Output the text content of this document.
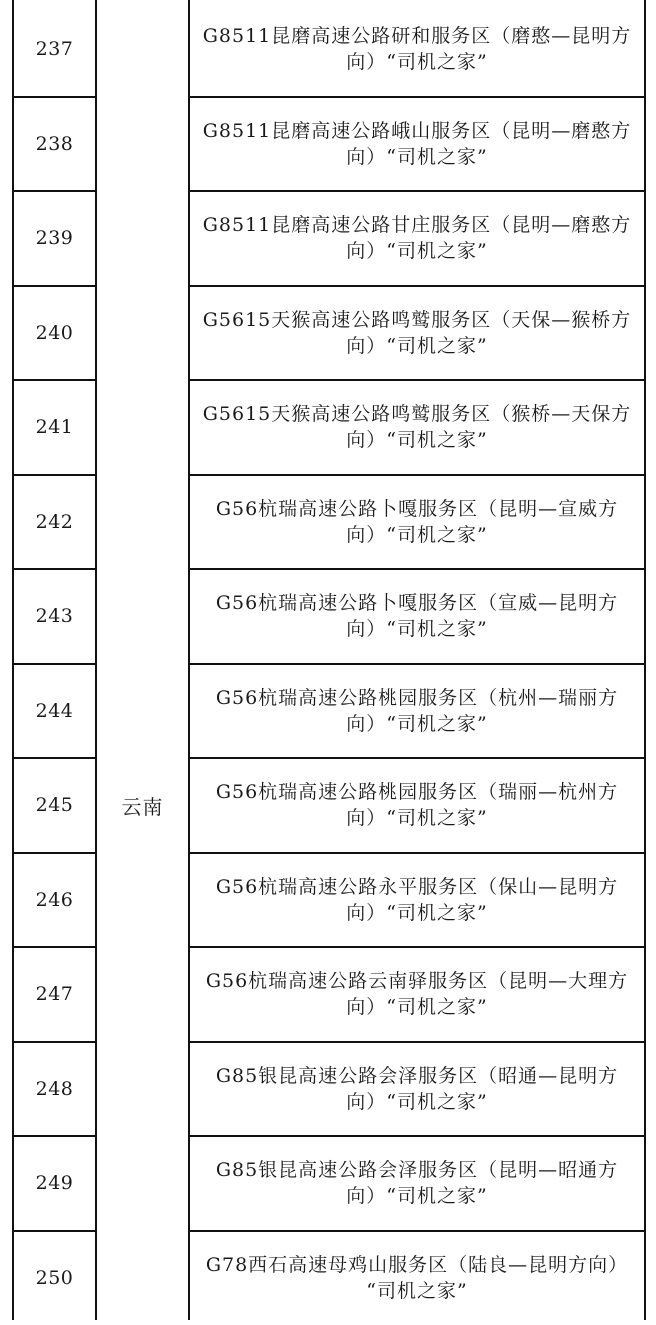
237
G8511昆磨高速公路研和服务区（磨憨—昆明方
向）“司机之家”
238
G8511昆磨高速公路峨山服务区（昆明—磨憨方
向）“司机之家”
239
G8511昆磨高速公路甘庄服务区（昆明—磨憨方
向）“司机之家”
240
G5615天猴高速公路鸣鹫服务区（天保—猴桥方
向）“司机之家”
241
G5615天猴高速公路鸣鹫服务区（猴桥—天保方
向）“司机之家”
242
G56杭瑞高速公路卜嘎服务区（昆明—宣威方
向）“司机之家”
243
G56杭瑞高速公路卜嘎服务区（宣威—昆明方
向）“司机之家”
244
G56杭瑞高速公路桃园服务区（杭州—瑞丽方
向）“司机之家”
245
G56杭瑞高速公路桃园服务区（瑞丽—杭州方
向）“司机之家”
246
G56杭瑞高速公路永平服务区（保山—昆明方
向）“司机之家”
247
G56杭瑞高速公路云南驿服务区（昆明—大理方
向）“司机之家”
248
G85银昆高速公路会泽服务区（昭通—昆明方
向）“司机之家”
249
G85银昆高速公路会泽服务区（昆明—昭通方
向）“司机之家”
250
G78西石高速母鸡山服务区（陆良—昆明方向）
“司机之家”
云南
